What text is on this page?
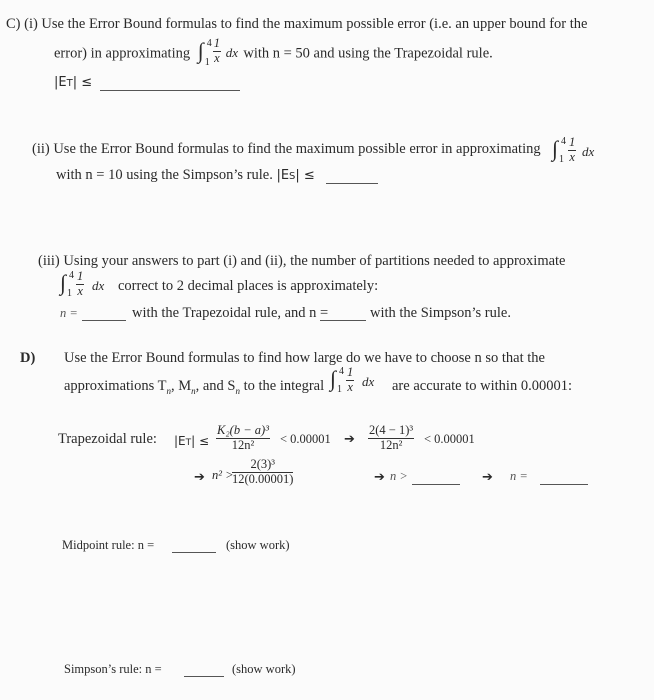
C) (i) Use the Error Bound formulas to find the maximum possible error (i.e. an upper bound for the
error) in approximating ∫ 4
$1 \frac{1}{x}$ dx with n = 50 and using the Trapezoidal rule.
|ET| ≤
(ii) Use the Error Bound formulas to find the maximum possible error in approximating ∫ 4
$1 \frac{1}{x}$ dx
with n = 10 using the Simpson’s rule. |ES| ≤
(iii) Using your answers to part (i) and (ii), the number of partitions needed to approximate
∫ 4
$1 \frac{1}{x}$ dx correct to 2 decimal places is approximately:
n =	with the Trapezoidal rule, and n =	with the Simpson’s rule.
D) Use the Error Bound formulas to find how large do we have to choose n so that the
approximations $T_n$, $M_n$, and $S_n$ to the integral ∫ 4
$1 \frac{1}{x}$ dx are accurate to within 0.00001:
Trapezoidal rule: $|ET| \le \frac{\text{K₂(b − a)³}}{\text{12n²}} < 0.00001$ ➔ $\frac{\text{2(4 − 1)³}}{\text{12n²}} < 0.00001$
➔ n² >
$\frac{\text{2(3)³}}{12(0.00001)}$	➔ n >	➔ n =
Midpoint rule: n =	(show work)
Simpson’s rule: n =	(show work)
